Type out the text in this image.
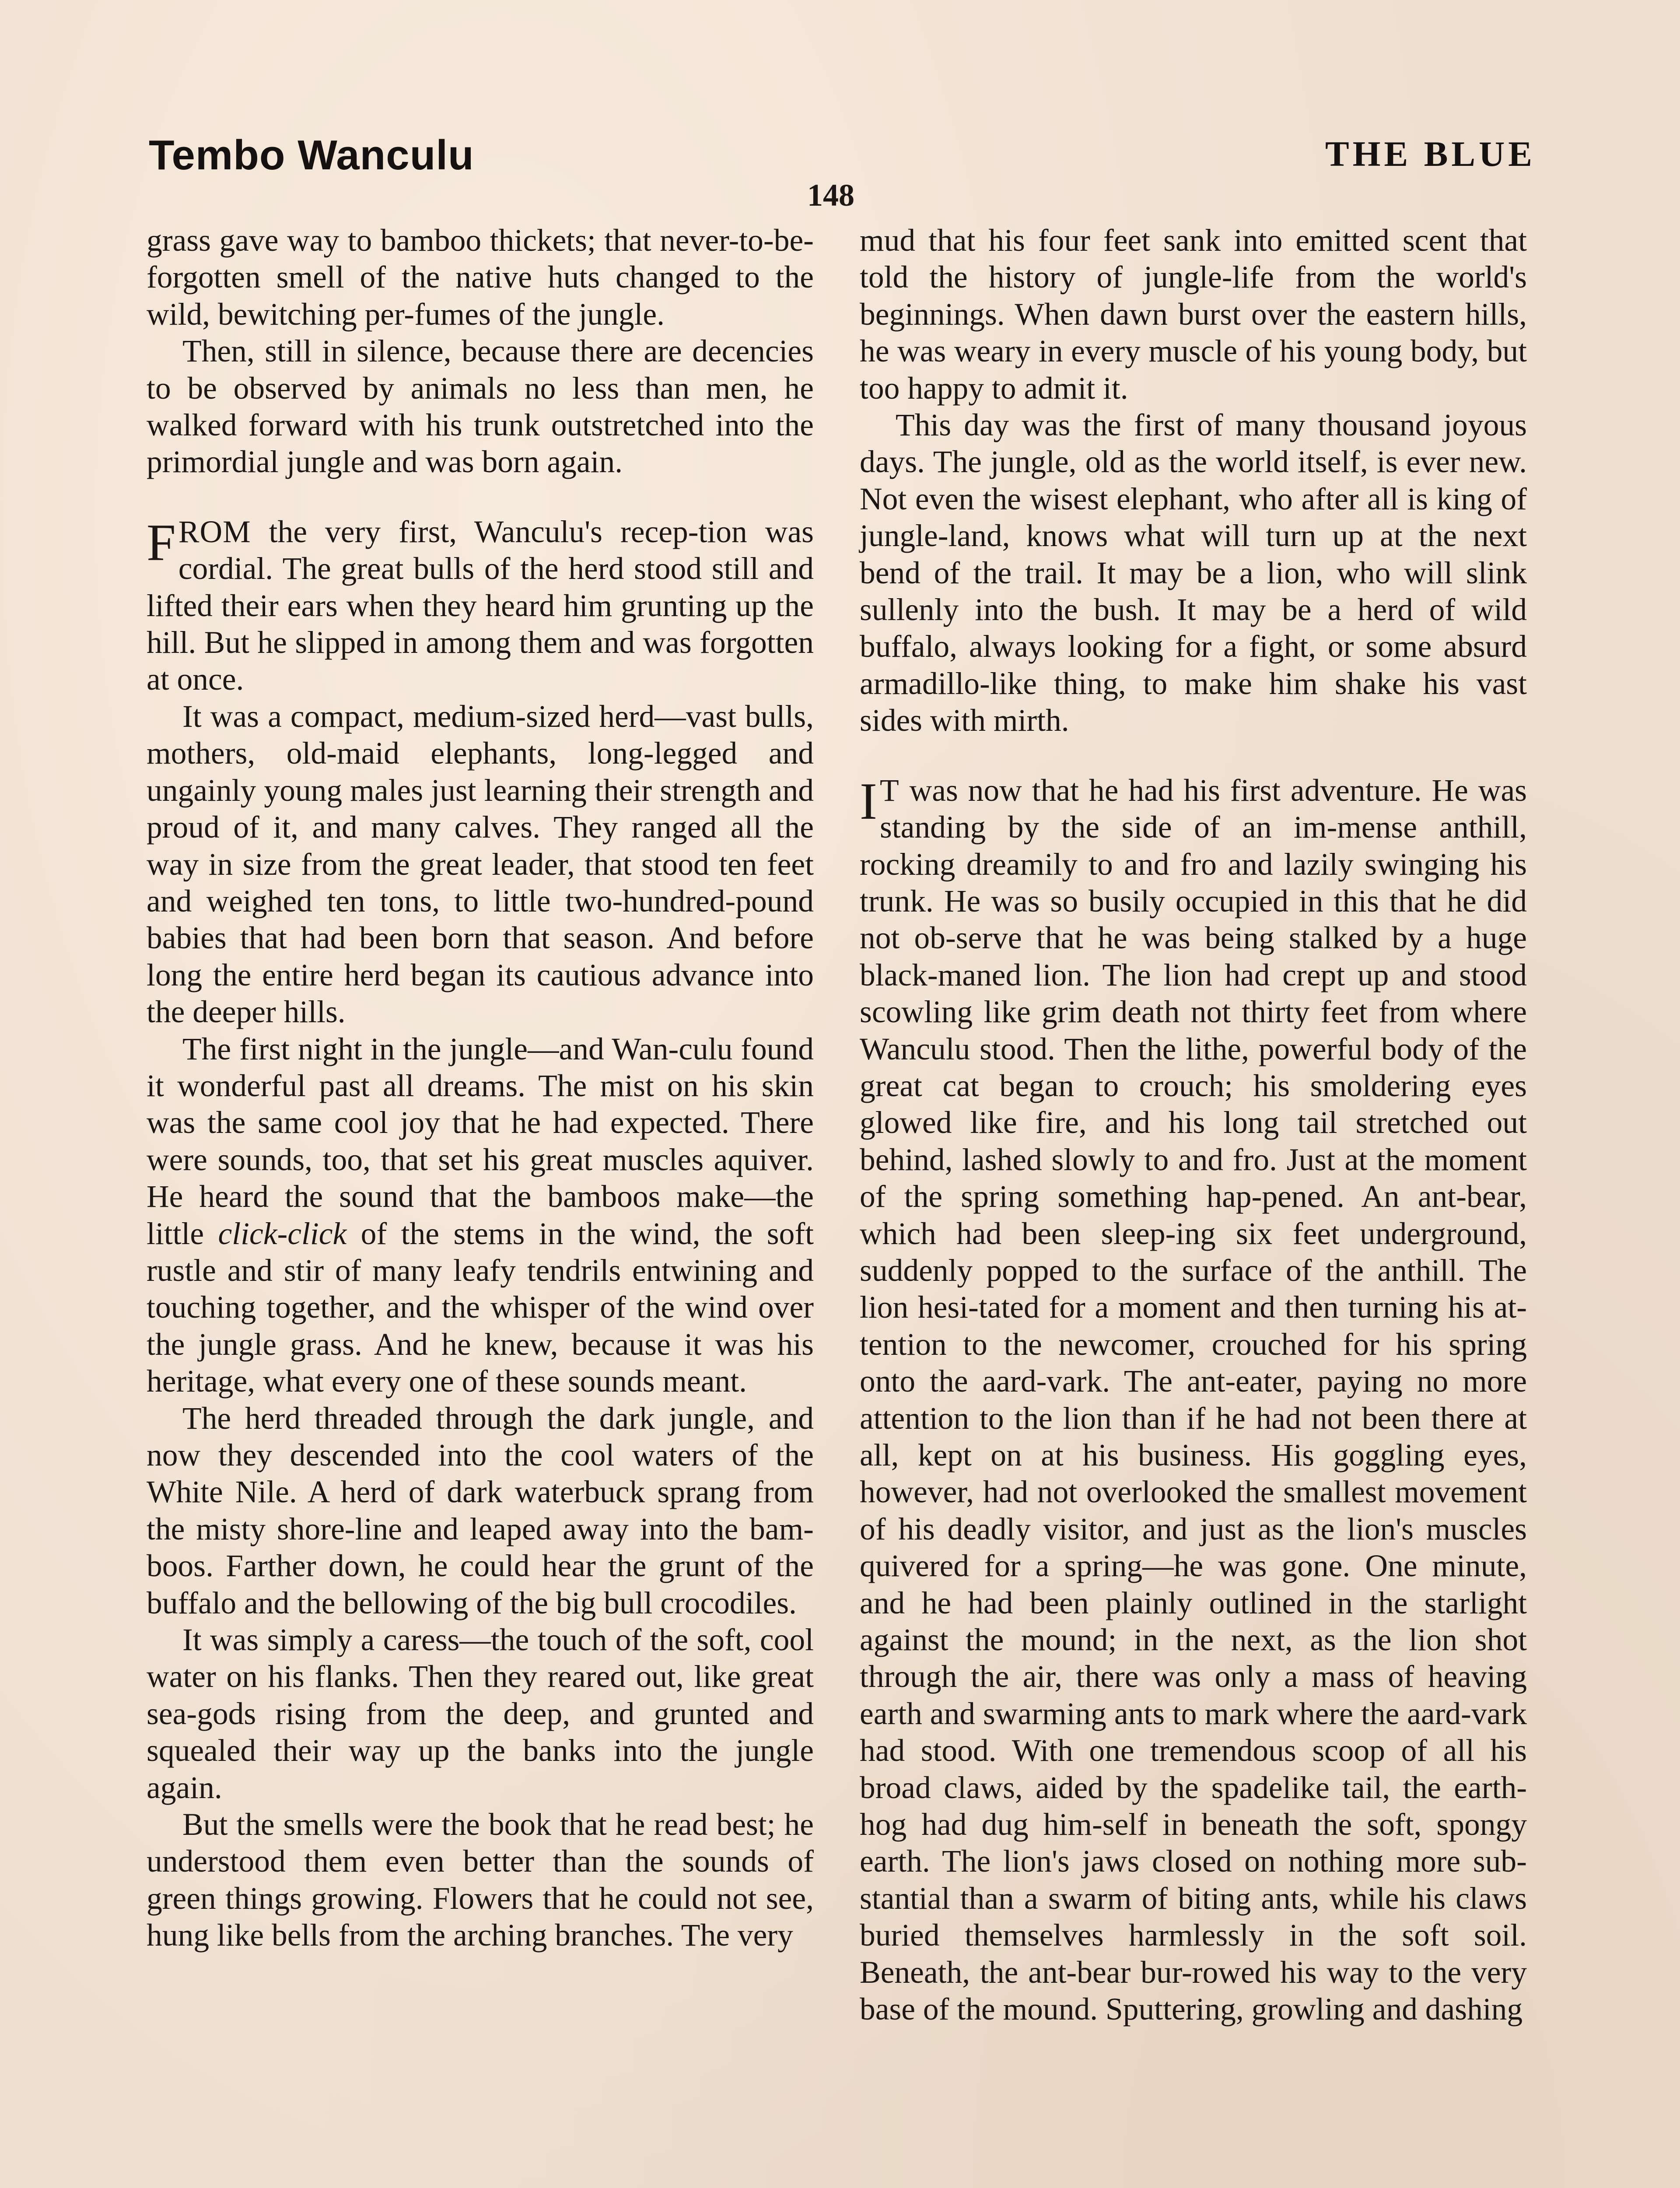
Tembo Wanculu	THE BLUE
148

grass gave way to bamboo thickets; that never-to-be-forgotten smell of the native huts changed to the wild, bewitching per-fumes of the jungle.

Then, still in silence, because there are decencies to be observed by animals no less than men, he walked forward with his trunk outstretched into the primordial jungle and was born again.

FROM the very first, Wanculu's recep-tion was cordial. The great bulls of the herd stood still and lifted their ears when they heard him grunting up the hill. But he slipped in among them and was forgotten at once.

It was a compact, medium-sized herd—vast bulls, mothers, old-maid elephants, long-legged and ungainly young males just learning their strength and proud of it, and many calves. They ranged all the way in size from the great leader, that stood ten feet and weighed ten tons, to little two-hundred-pound babies that had been born that season. And before long the entire herd began its cautious advance into the deeper hills.

The first night in the jungle—and Wan-culu found it wonderful past all dreams. The mist on his skin was the same cool joy that he had expected. There were sounds, too, that set his great muscles aquiver. He heard the sound that the bamboos make—the little click-click of the stems in the wind, the soft rustle and stir of many leafy tendrils entwining and touching together, and the whisper of the wind over the jungle grass. And he knew, because it was his heritage, what every one of these sounds meant.

The herd threaded through the dark jungle, and now they descended into the cool waters of the White Nile. A herd of dark waterbuck sprang from the misty shore-line and leaped away into the bam-boos. Farther down, he could hear the grunt of the buffalo and the bellowing of the big bull crocodiles.

It was simply a caress—the touch of the soft, cool water on his flanks. Then they reared out, like great sea-gods rising from the deep, and grunted and squealed their way up the banks into the jungle again.

But the smells were the book that he read best; he understood them even better than the sounds of green things growing. Flowers that he could not see, hung like bells from the arching branches. The very

mud that his four feet sank into emitted scent that told the history of jungle-life from the world's beginnings. When dawn burst over the eastern hills, he was weary in every muscle of his young body, but too happy to admit it.

This day was the first of many thousand joyous days. The jungle, old as the world itself, is ever new. Not even the wisest elephant, who after all is king of jungle-land, knows what will turn up at the next bend of the trail. It may be a lion, who will slink sullenly into the bush. It may be a herd of wild buffalo, always looking for a fight, or some absurd armadillo-like thing, to make him shake his vast sides with mirth.

I T was now that he had his first adventure. He was standing by the side of an im-mense anthill, rocking dreamily to and fro and lazily swinging his trunk. He was so busily occupied in this that he did not ob-serve that he was being stalked by a huge black-maned lion. The lion had crept up and stood scowling like grim death not thirty feet from where Wanculu stood. Then the lithe, powerful body of the great cat began to crouch; his smoldering eyes glowed like fire, and his long tail stretched out behind, lashed slowly to and fro. Just at the moment of the spring something hap-pened. An ant-bear, which had been sleep-ing six feet underground, suddenly popped to the surface of the anthill. The lion hesi-tated for a moment and then turning his at-tention to the newcomer, crouched for his spring onto the aard-vark. The ant-eater, paying no more attention to the lion than if he had not been there at all, kept on at his business. His goggling eyes, however, had not overlooked the smallest movement of his deadly visitor, and just as the lion's muscles quivered for a spring—he was gone. One minute, and he had been plainly outlined in the starlight against the mound; in the next, as the lion shot through the air, there was only a mass of heaving earth and swarming ants to mark where the aard-vark had stood. With one tremendous scoop of all his broad claws, aided by the spadelike tail, the earth-hog had dug him-self in beneath the soft, spongy earth. The lion's jaws closed on nothing more sub-stantial than a swarm of biting ants, while his claws buried themselves harmlessly in the soft soil. Beneath, the ant-bear bur-rowed his way to the very base of the mound. Sputtering, growling and dashing
